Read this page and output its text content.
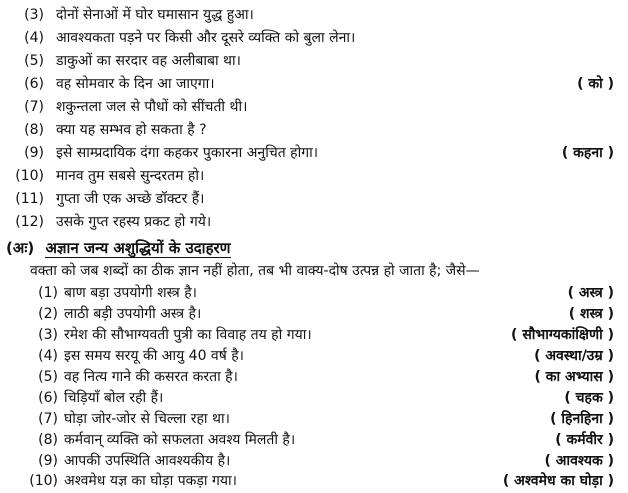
(3) दोनों सेनाओं में घोर घमासान युद्ध हुआ।
(4) आवश्यकता पड़ने पर किसी और दूसरे व्यक्ति को बुला लेना।
(5) डाकुओं का सरदार वह अलीबाबा था।
(6) वह सोमवार के दिन आ जाएगा।	( को )
(7) शकुन्तला जल से पौधों को सींचती थी।
(8) क्या यह सम्भव हो सकता है ?
(9) इसे साम्प्रदायिक दंगा कहकर पुकारना अनुचित होगा।	( कहना )
(10) मानव तुम सबसे सुन्दरतम हो।
(11) गुप्ता जी एक अच्छे डॉक्टर हैं।
(12) उसके गुप्त रहस्य प्रकट हो गये।
(अः) अज्ञान जन्य अशुद्धियों के उदाहरण
वक्ता को जब शब्दों का ठीक ज्ञान नहीं होता, तब भी वाक्य-दोष उत्पन्न हो जाता है; जैसे—
(1) बाण बड़ा उपयोगी शस्त्र है।	( अस्त्र )
(2) लाठी बड़ी उपयोगी अस्त्र है।	( शस्त्र )
(3) रमेश की सौभाग्यवती पुत्री का विवाह तय हो गया।	( सौभाग्यकांक्षिणी )
(4) इस समय सरयू की आयु 40 वर्ष है।	( अवस्था/उम्र )
(5) वह नित्य गाने की कसरत करता है।	( का अभ्यास )
(6) चिड़ियाँ बोल रही हैं।	( चहक )
(7) घोड़ा जोर-जोर से चिल्ला रहा था।	( हिनहिना )
(8) कर्मवान् व्यक्ति को सफलता अवश्य मिलती है।	( कर्मवीर )
(9) आपकी उपस्थिति आवश्यकीय है।	( आवश्यक )
(10) अश्वमेध यज्ञ का घोड़ा पकड़ा गया।	( अश्वमेध का घोड़ा )
